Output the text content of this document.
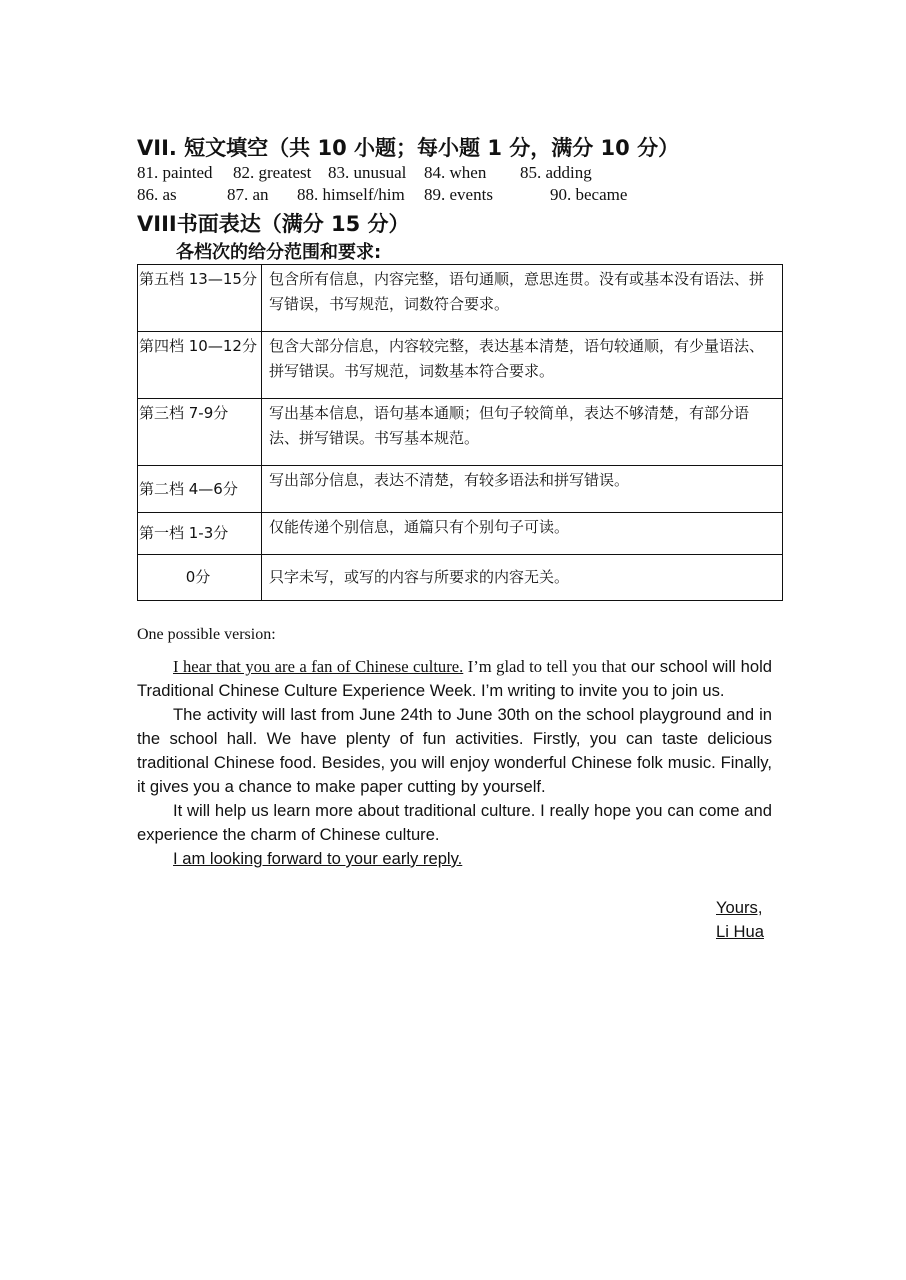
VII. 短文填空（共 10 小题；每小题 1 分，满分 10 分）
81. painted 82. greatest 83. unusual 84. when 85. adding
86. as	87. an 88. himself/him 89. events	90. became
VIII书面表达（满分 15 分）
各档次的给分范围和要求:
第五档 13—15分	包含所有信息，内容完整，语句通顺，意思连贯。没有或基本没有语法、拼写错误，书写规范，词数符合要求。
第四档 10—12分	包含大部分信息，内容较完整，表达基本清楚，语句较通顺，有少量语法、拼写错误。书写规范，词数基本符合要求。
第三档 7-9分	写出基本信息，语句基本通顺；但句子较简单，表达不够清楚，有部分语法、拼写错误。书写基本规范。
第二档 4—6分	写出部分信息，表达不清楚，有较多语法和拼写错误。
第一档 1-3分	仅能传递个别信息，通篇只有个别句子可读。
0分	只字未写，或写的内容与所要求的内容无关。
One possible version:

I hear that you are a fan of Chinese culture. I’m glad to tell you that our school will hold Traditional Chinese Culture Experience Week. I’m writing to invite you to join us.

The activity will last from June 24th to June 30th on the school playground and in the school hall. We have plenty of fun activities. Firstly, you can taste delicious traditional Chinese food. Besides, you will enjoy wonderful Chinese folk music. Finally, it gives you a chance to make paper cutting by yourself.

It will help us learn more about traditional culture. I really hope you can come and experience the charm of Chinese culture.

I am looking forward to your early reply.

Yours,
Li Hua
